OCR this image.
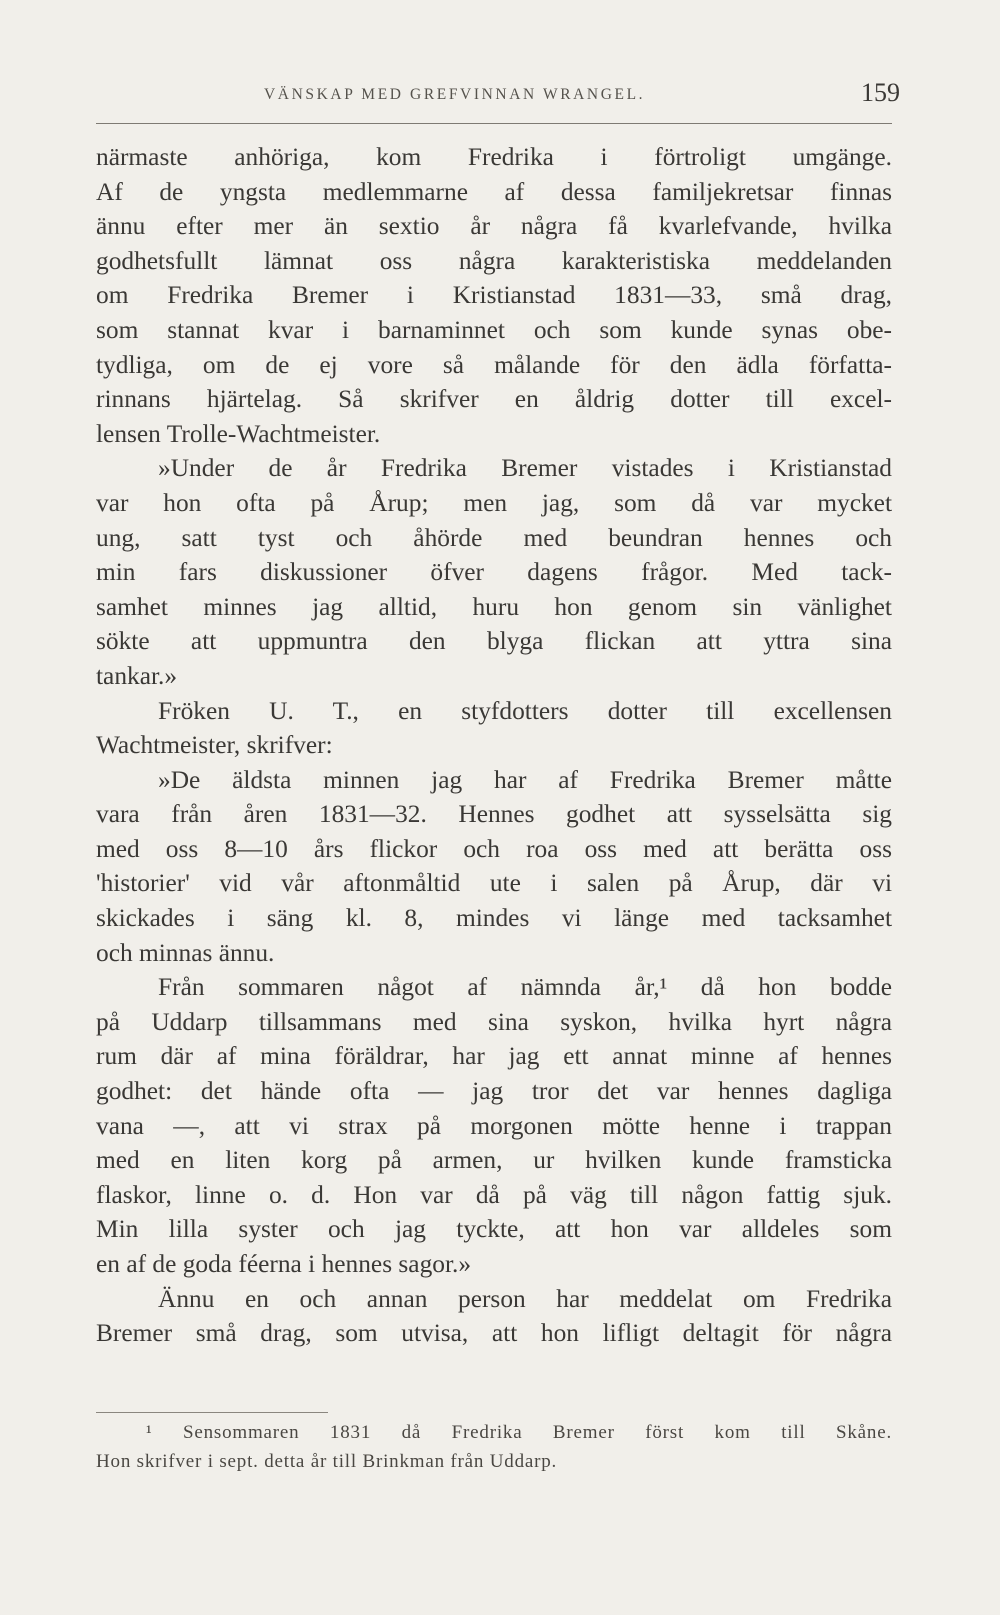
VÄNSKAP MED GREFVINNAN WRANGEL.	159
närmaste anhöriga, kom Fredrika i förtroligt umgänge.
Af de yngsta medlemmarne af dessa familjekretsar finnas
ännu efter mer än sextio år några få kvarlefvande, hvilka
godhetsfullt lämnat oss några karakteristiska meddelanden
om Fredrika Bremer i Kristianstad 1831—33, små drag,
som stannat kvar i barnaminnet och som kunde synas obe-
tydliga, om de ej vore så målande för den ädla författa-
rinnans hjärtelag. Så skrifver en åldrig dotter till excel-
lensen Trolle-Wachtmeister.
»Under de år Fredrika Bremer vistades i Kristianstad
var hon ofta på Årup; men jag, som då var mycket
ung, satt tyst och åhörde med beundran hennes och
min fars diskussioner öfver dagens frågor. Med tack-
samhet minnes jag alltid, huru hon genom sin vänlighet
sökte att uppmuntra den blyga flickan att yttra sina
tankar.»
Fröken U. T., en styfdotters dotter till excellensen
Wachtmeister, skrifver:
»De äldsta minnen jag har af Fredrika Bremer måtte
vara från åren 1831—32. Hennes godhet att sysselsätta sig
med oss 8—10 års flickor och roa oss med att berätta oss
'historier' vid vår aftonmåltid ute i salen på Årup, där vi
skickades i säng kl. 8, mindes vi länge med tacksamhet
och minnas ännu.
Från sommaren något af nämnda år,¹ då hon bodde
på Uddarp tillsammans med sina syskon, hvilka hyrt några
rum där af mina föräldrar, har jag ett annat minne af hennes
godhet: det hände ofta — jag tror det var hennes dagliga
vana —, att vi strax på morgonen mötte henne i trappan
med en liten korg på armen, ur hvilken kunde framsticka
flaskor, linne o. d. Hon var då på väg till någon fattig sjuk.
Min lilla syster och jag tyckte, att hon var alldeles som
en af de goda féerna i hennes sagor.»
Ännu en och annan person har meddelat om Fredrika
Bremer små drag, som utvisa, att hon lifligt deltagit för några
¹ Sensommaren 1831 då Fredrika Bremer först kom till Skåne.
Hon skrifver i sept. detta år till Brinkman från Uddarp.
